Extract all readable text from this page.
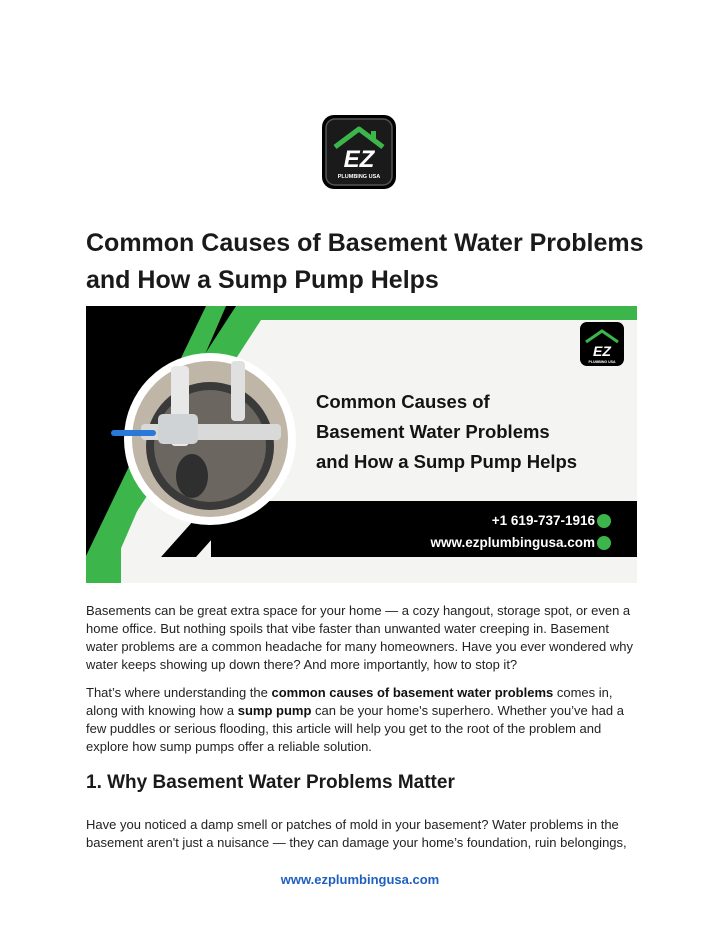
EZ
PLUMBING USA
Common Causes of Basement Water Problems and How a Sump Pump Helps
EZ
PLUMBING USA
Common Causes of
Basement Water Problems
and How a Sump Pump Helps
+1 619-737-1916
www.ezplumbingusa.com

Basements can be great extra space for your home — a cozy hangout, storage spot, or even a home office. But nothing spoils that vibe faster than unwanted water creeping in. Basement water problems are a common headache for many homeowners. Have you ever wondered why water keeps showing up down there? And more importantly, how to stop it?

That’s where understanding the common causes of basement water problems comes in, along with knowing how a sump pump can be your home's superhero. Whether you’ve had a few puddles or serious flooding, this article will help you get to the root of the problem and explore how sump pumps offer a reliable solution.

1. Why Basement Water Problems Matter

Have you noticed a damp smell or patches of mold in your basement? Water problems in the basement aren't just a nuisance — they can damage your home’s foundation, ruin belongings,

www.ezplumbingusa.com
